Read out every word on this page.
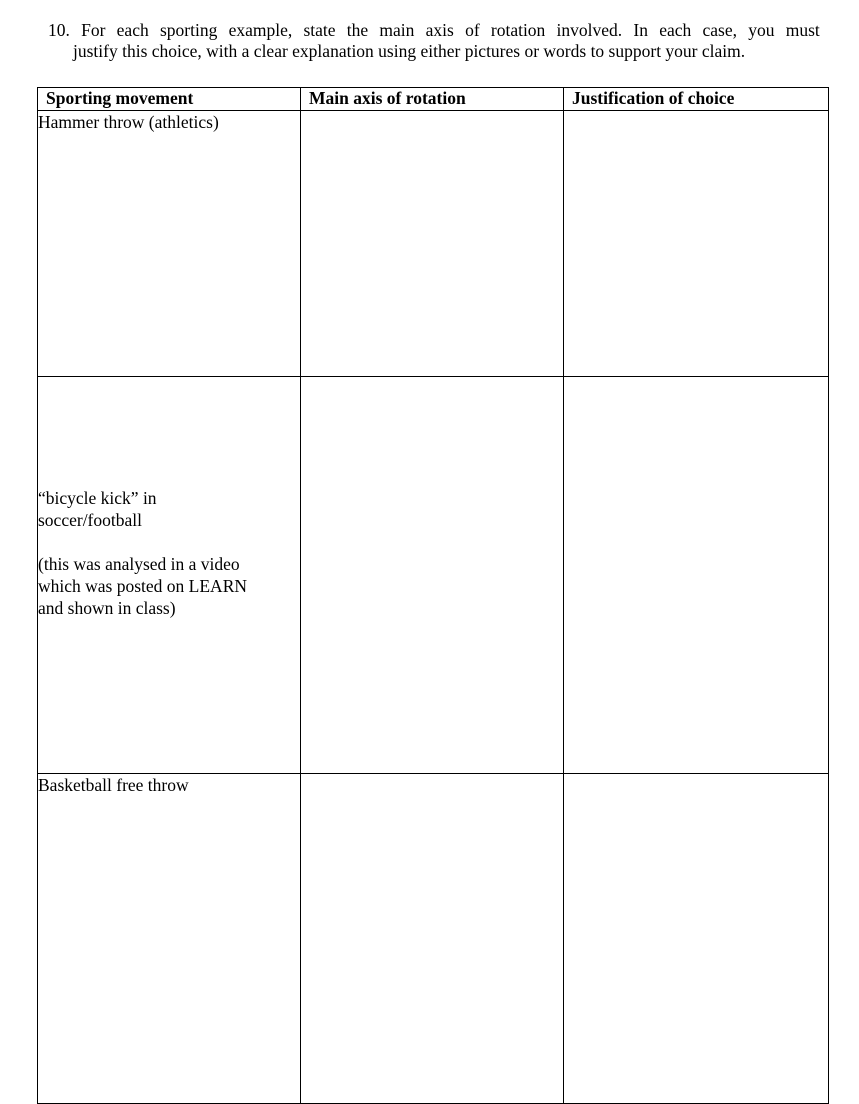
10. For each sporting example, state the main axis of rotation involved. In each case, you must
justify this choice, with a clear explanation using either pictures or words to support your claim.
Sporting movement	Main axis of rotation	Justification of choice

Hammer throw (athletics)		

“bicycle kick” in
soccer/football
(this was analysed in a video
which was posted on LEARN
and shown in class)		

Basketball free throw		
